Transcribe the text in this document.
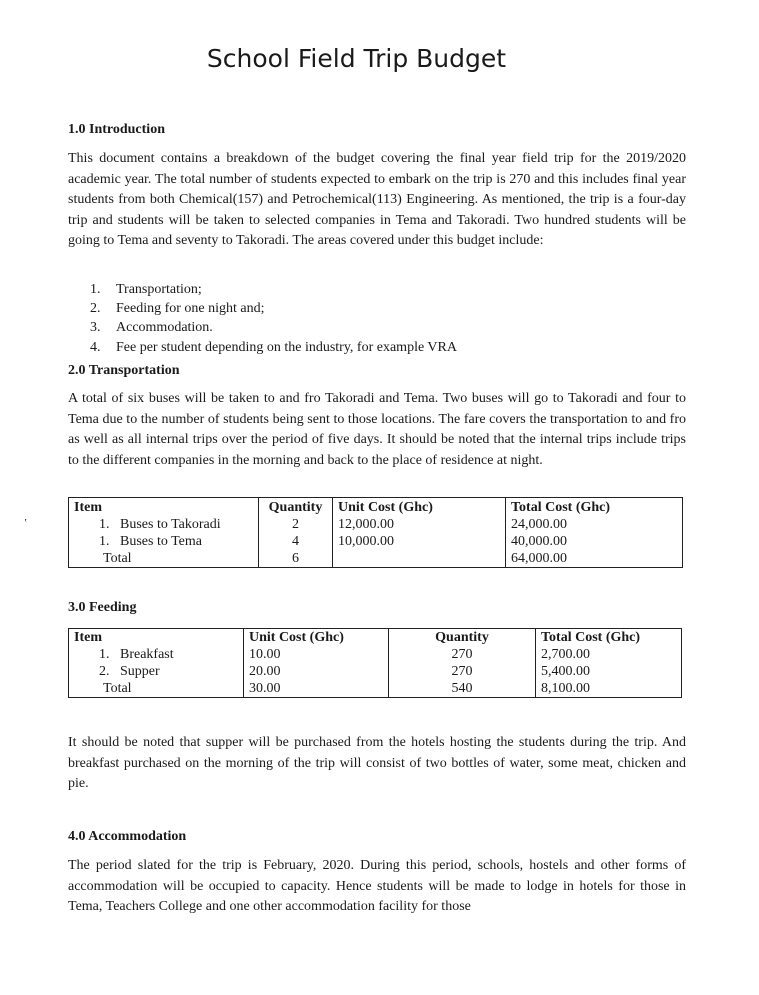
School Field Trip Budget
1.0 Introduction

This document contains a breakdown of the budget covering the final year field trip for the 2019/2020 academic year. The total number of students expected to embark on the trip is 270 and this includes final year students from both Chemical(157) and Petrochemical(113) Engineering. As mentioned, the trip is a four-day trip and students will be taken to selected companies in Tema and Takoradi. Two hundred students will be going to Tema and seventy to Takoradi. The areas covered under this budget include:

1. Transportation;
2. Feeding for one night and;
3. Accommodation.
4. Fee per student depending on the industry, for example VRA
2.0 Transportation

A total of six buses will be taken to and fro Takoradi and Tema. Two buses will go to Takoradi and four to Tema due to the number of students being sent to those locations. The fare covers the transportation to and fro as well as all internal trips over the period of five days. It should be noted that the internal trips include trips to the different companies in the morning and back to the place of residence at night.

‛
Item	Quantity	Unit Cost (Ghc)	Total Cost (Ghc)
1. Buses to Takoradi	2	12,000.00	24,000.00
1. Buses to Tema	4	10,000.00	40,000.00
Total	6		64,000.00
3.0 Feeding
Item	Unit Cost (Ghc)	Quantity	Total Cost (Ghc)
1. Breakfast	10.00	270	2,700.00
2. Supper	20.00	270	5,400.00
Total	30.00	540	8,100.00

It should be noted that supper will be purchased from the hotels hosting the students during the trip. And breakfast purchased on the morning of the trip will consist of two bottles of water, some meat, chicken and pie.

4.0 Accommodation

The period slated for the trip is February, 2020. During this period, schools, hostels and other forms of accommodation will be occupied to capacity. Hence students will be made to lodge in hotels for those in Tema, Teachers College and one other accommodation facility for those
